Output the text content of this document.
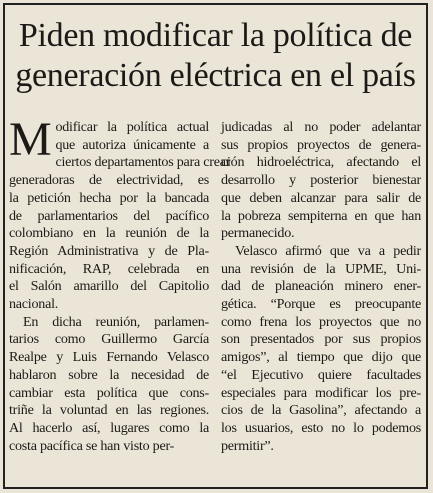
Piden modificar la política de
generación eléctrica en el país
M odificar la política actual
que autoriza únicamente a
ciertos departamentos para crear
generadoras de electrividad, es
la petición hecha por la bancada
de parlamentarios del pacífico
colombiano en la reunión de la
Región Administrativa y de Pla-
nificación, RAP, celebrada en
el Salón amarillo del Capitolio
nacional.
En dicha reunión, parlamen-
tarios como Guillermo García
Realpe y Luis Fernando Velasco
hablaron sobre la necesidad de
cambiar esta política que cons-
triñe la voluntad en las regiones.
Al hacerlo así, lugares como la
costa pacífica se han visto per-
judicadas al no poder adelantar
sus propios proyectos de genera-
ción hidroeléctrica, afectando el
desarrollo y posterior bienestar
que deben alcanzar para salir de
la pobreza sempiterna en que han
permanecido.
Velasco afirmó que va a pedir
una revisión de la UPME, Uni-
dad de planeación minero ener-
gética. “Porque es preocupante
como frena los proyectos que no
son presentados por sus propios
amigos”, al tiempo que dijo que
“el Ejecutivo quiere facultades
especiales para modificar los pre-
cios de la Gasolina”, afectando a
los usuarios, esto no lo podemos
permitir”.
